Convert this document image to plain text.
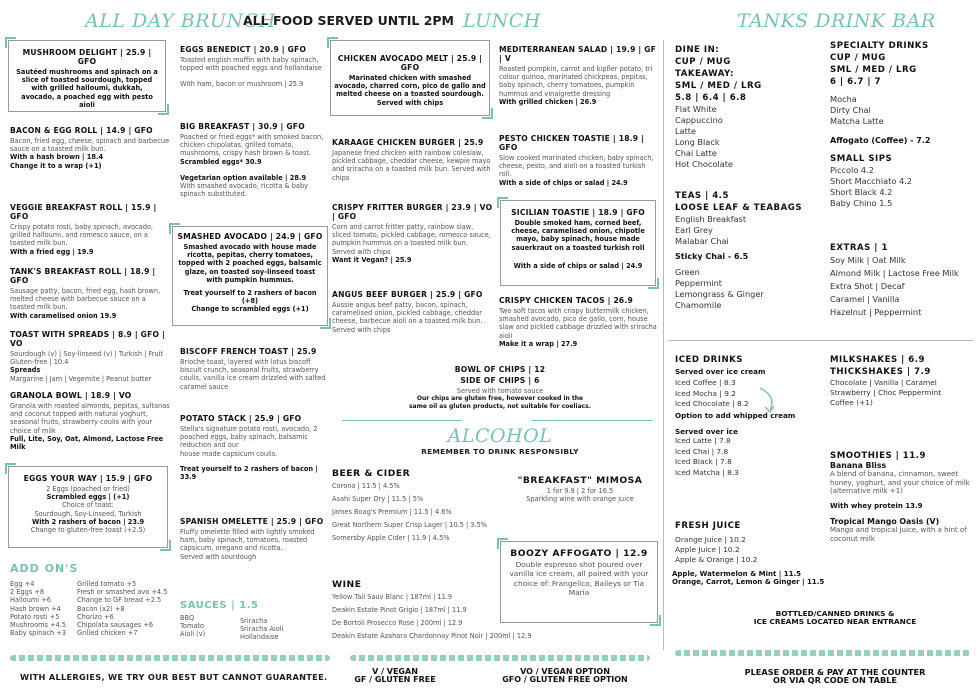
ALL DAY BRUNCH
ALL FOOD SERVED UNTIL 2PM LUNCH	TANKS DRINK BAR
MUSHROOM DELIGHT | 25.9 | GFO
Sautéed mushrooms and spinach on a slice of toasted sourdough, topped with grilled halloumi, dukkah, avocado, a poached egg with pesto aioli
BACON & EGG ROLL | 14.9 | GFO
Bacon, fried egg, cheese, spinach and barbecue sauce on a toasted milk bun.
With a hash brown | 18.4
Change it to a wrap (+1)
VEGGIE BREAKFAST ROLL | 15.9 | GFO
Crispy potato rosti, baby spinach, avocado, grilled halloumi, and romesco sauce, on a toasted milk bun.
With a fried egg | 19.9
TANK'S BREAKFAST ROLL | 18.9 | GFO
Sausage patty, bacon, fried egg, hash brown, melted cheese with barbecue sauce on a toasted milk bun.
With caramelised onion 19.9
TOAST WITH SPREADS | 8.9 | GFO | VO
Sourdough (v) | Soy-linseed (v) | Turkish | Fruit Gluten-free | 10.4
Spreads
Margarine | Jam | Vegemite | Peanut butter
GRANOLA BOWL | 18.9 | VO
Granola with roasted almonds, pepitas, sultanas and coconut topped with natural yoghurt, seasonal fruits, strawberry coulis with your choice of milk
Full, Lite, Soy, Oat, Almond, Lactose Free Milk
EGGS YOUR WAY | 15.9 | GFO
2 Eggs (poached or fried)
Scrambled eggs | (+1)
Choice of toast:
Sourdough, Soy-Linseed, Turkish
With 2 rashers of bacon | 23.9
Change to gluten-free toast (+2.5)
ADD ON'S
Egg +4
2 Eggs +8
Halloumi +6
Hash brown +4
Potato rosti +5
Mushrooms +4.5
Baby spinach +3
Grilled tomato +5
Fresh or smashed avo +4.5
Change to GF bread +2.5
Bacon (x2) +8
Chorizo +6
Chipolata sausages +6
Grilled chicken +7
EGGS BENEDICT | 20.9 | GFO
Toasted english muffin with baby spinach, topped with poached eggs and hollandaise
With ham, bacon or mushroom | 25.9
BIG BREAKFAST | 30.9 | GFO
Poached or fried eggs* with smoked bacon, chicken chipolatas, grilled tomato, mushrooms, crispy hash brown & toast.
Scrambled eggs* 30.9
Vegetarian option available | 28.9
With smashed avocado, ricotta & baby spinach substituted.
SMASHED AVOCADO | 24.9 | GFO
Smashed avocado with house made ricotta, pepitas, cherry tomatoes, topped with 2 poached eggs, balsamic glaze, on toasted soy-linseed toast with pumpkin hummus.
Treat yourself to 2 rashers of bacon (+8)
Change to scrambled eggs (+1)
BISCOFF FRENCH TOAST | 25.9
Brioche toast, layered with lotus biscoff biscuit crunch, seasonal fruits, strawberry coulis, vanilla ice cream drizzled with salted caramel sauce
POTATO STACK | 25.9 | GFO
Stella's signature potato rosti, avocado, 2 poached eggs, baby spinach, balsamic reduction and our
house made capsicum coulis.
Treat yourself to 2 rashers of bacon | 33.9
SPANISH OMELETTE | 25.9 | GFO
Fluffy omelette filled with lightly smoked ham, baby spinach, tomatoes, roasted capsicum, oregano and ricotta.
Served with sourdough
SAUCES | 1.5
BBQ
Tomato
Aioli (v)
Sriracha
Sriracha Aioli
Hollandaise
CHICKEN AVOCADO MELT | 25.9 | GFO
Marinated chicken with smashed avocado, charred corn, pico de gallo and melted cheese on a toasted sourdough.
Served with chips
KARAAGE CHICKEN BURGER | 25.9
Japanese fried chicken with rainbow coleslaw, pickled cabbage, cheddar cheese, kewpie mayo and sriracha on a toasted milk bun. Served with chips
CRISPY FRITTER BURGER | 23.9 | VO | GFO
Corn and carrot fritter patty, rainbow slaw, sliced tomato, pickled cabbage, romesco sauce, pumpkin hummus on a toasted milk bun.
Served with chips
Want it Vegan? | 25.9
ANGUS BEEF BURGER | 25.9 | GFO
Aussie angus beef patty, bacon, spinach, caramelised onion, pickled cabbage, cheddar cheese, barbecue aioli on a toasted milk bun. Served with chips
MEDITERRANEAN SALAD | 19.9 | GF | V
Roasted pumpkin, carrot and kipfler potato, tri colour quinoa, marinated chickpeas, pepitas, baby spinach, cherry tomatoes, pumpkin hummus and vinaigrette dressing
With grilled chicken | 26.9
PESTO CHICKEN TOASTIE | 18.9 | GFO
Slow cooked marinated chicken, baby spinach, cheese, pesto, and aioli on a toasted turkish roll.
With a side of chips or salad | 24.9
SICILIAN TOASTIE | 18.9 | GFO
Double smoked ham, corned beef, cheese, caramelised onion, chipotle mayo, baby spinach, house made sauerkraut on a toasted turkish roll
With a side of chips or salad | 24.9
CRISPY CHICKEN TACOS | 26.9
Two soft tacos with crispy buttermilk chicken, smashed avocado, pico de gallo, corn, house slaw and pickled cabbage drizzled with sriracha aioli
Make it a wrap | 27.9
BOWL OF CHIPS | 12
SIDE OF CHIPS | 6
Served with tomato sauce
Our chips are gluten free, however cooked in the
same oil as gluten products, not suitable for coeliacs.
ALCOHOL
REMEMBER TO DRINK RESPONSIBLY
BEER & CIDER
Corona | 11.5 | 4.5%
Asahi Super Dry | 11.5 | 5%
James Boag's Premium | 11.5 | 4.6%
Great Northern Super Crisp Lager | 10.5 | 3.5%
Somersby Apple Cider | 11.9 | 4.5%
"BREAKFAST" MIMOSA
1 for 9.9 | 2 for 16.5
Sparkling wine with orange juice
WINE
Yellow Tail Sauv Blanc | 187ml | 11.9
Deakin Estate Pinot Grigio | 187ml | 11.9
De Bortoli Prosecco Rose | 200ml | 12.9
Deakin Estate Azahara Chardonnay Pinot Noir | 200ml | 12.9
BOOZY AFFOGATO | 12.9
Double espresso shot poured over vanilla ice cream, all paired with your choice of: Frangelico, Baileys or Tia Maria
DINE IN:
CUP / MUG
TAKEAWAY:
SML / MED / LRG
5.8 | 6.4 | 6.8
Flat White
Cappuccino
Latte
Long Black
Chai Latte
Hot Chocolate
SPECIALTY DRINKS
CUP / MUG
SML / MED / LRG
6 | 6.7 | 7
Mocha
Dirty Chai
Matcha Latte
Affogato (Coffee) - 7.2
SMALL SIPS
Piccolo 4.2
Short Macchiato 4.2
Short Black 4.2
Baby Chino 1.5
TEAS | 4.5
LOOSE LEAF & TEABAGS
English Breakfast
Earl Grey
Malabar Chai
Sticky Chai - 6.5
Green
Peppermint
Lemongrass & Ginger
Chamomile
EXTRAS | 1
Soy Milk | Oat Milk
Almond Milk | Lactose Free Milk
Extra Shot | Decaf
Caramel | Vanilla
Hazelnut | Peppermint
ICED DRINKS
Served over ice cream
Iced Coffee | 8.3
Iced Mocha | 9.2
Iced Chocolate | 8.2
Option to add whipped cream
Served over ice
Iced Latte | 7.8
Iced Chai | 7.8
Iced Black | 7.8
Iced Matcha | 8.3
FRESH JUICE
Orange Juice | 10.2
Apple Juice | 10.2
Apple & Orange | 10.2
Apple, Watermelon & Mint | 11.5
Orange, Carrot, Lemon & Ginger | 11.5
MILKSHAKES | 6.9
THICKSHAKES | 7.9
Chocolate | Vanilla | Caramel
Strawberry | Choc Peppermint
Coffee (+1)
SMOOTHIES | 11.9
Banana Bliss
A blend of banana, cinnamon, sweet honey, yoghurt, and your choice of milk (alternative milk +1)
With whey protein 13.9
Tropical Mango Oasis (V)
Mango and tropical juice, with a hint of coconut milk
BOTTLED/CANNED DRINKS &
ICE CREAMS LOCATED NEAR ENTRANCE
WITH ALLERGIES, WE TRY OUR BEST BUT CANNOT GUARANTEE.
V / VEGAN
GF / GLUTEN FREE
VO / VEGAN OPTION
GFO / GLUTEN FREE OPTION
PLEASE ORDER & PAY AT THE COUNTER
OR VIA QR CODE ON TABLE
